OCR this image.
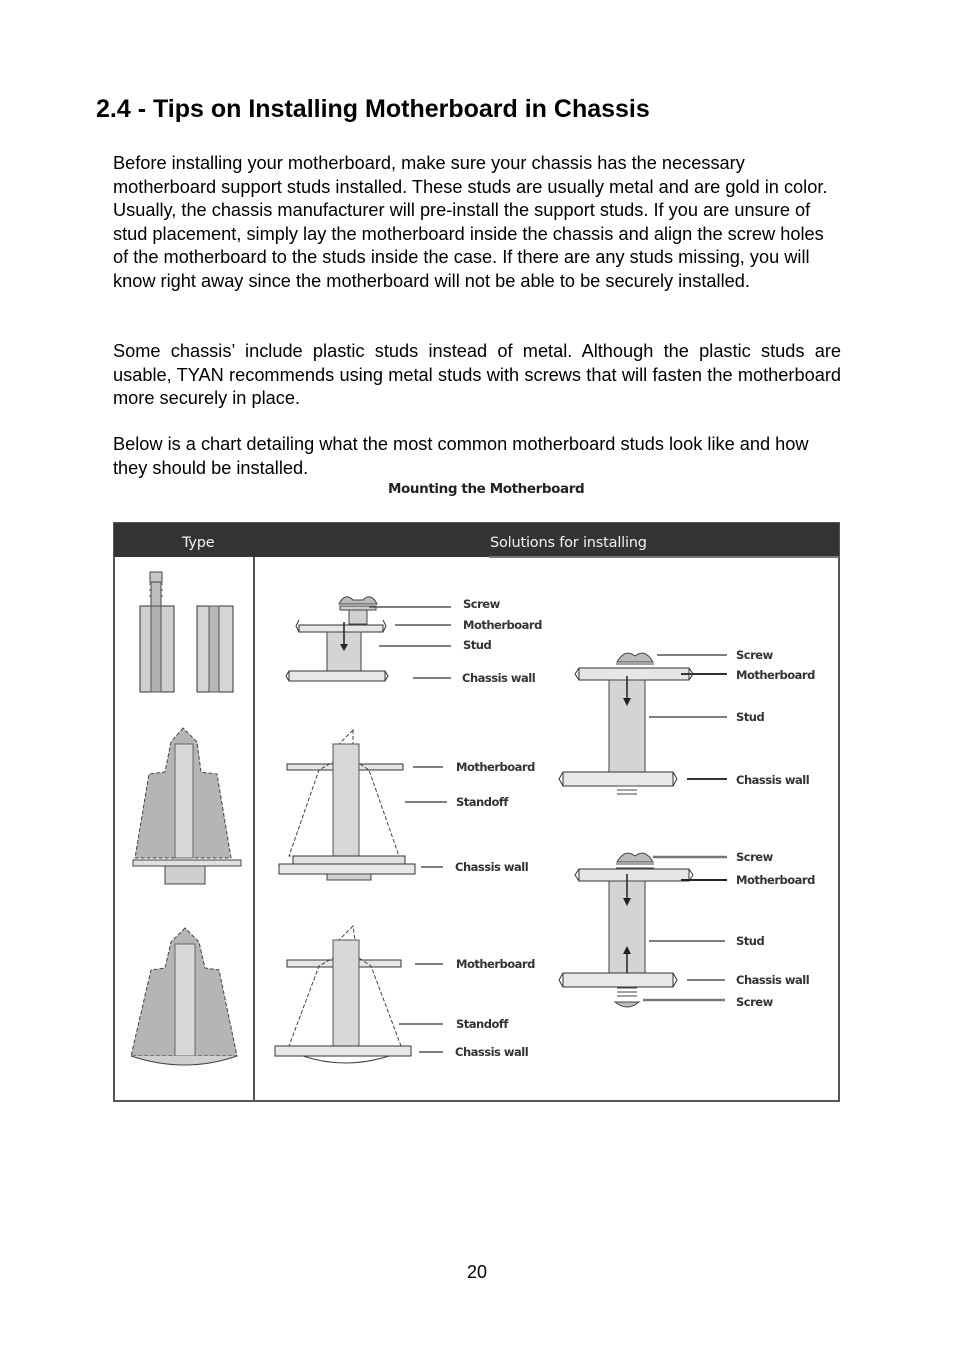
2.4 - Tips on Installing Motherboard in Chassis

Before installing your motherboard, make sure your chassis has the necessary motherboard support studs installed. These studs are usually metal and are gold in color. Usually, the chassis manufacturer will pre-install the support studs. If you are unsure of stud placement, simply lay the motherboard inside the chassis and align the screw holes of the motherboard to the studs inside the case. If there are any studs missing, you will know right away since the motherboard will not be able to be securely installed.

Some chassis’ include plastic studs instead of metal. Although the plastic studs are usable, TYAN recommends using metal studs with screws that will fasten the motherboard more securely in place.

Below is a chart detailing what the most common motherboard studs look like and how they should be installed.

Mounting the Motherboard
Type	Solutions for installing
Screw
Motherboard
Stud
Chassis wall
Motherboard
Standoff
Chassis wall
Motherboard
Standoff
Chassis wall
Screw
Motherboard
Stud
Chassis wall
Screw
Motherboard
Stud
Chassis wall
Screw
20
